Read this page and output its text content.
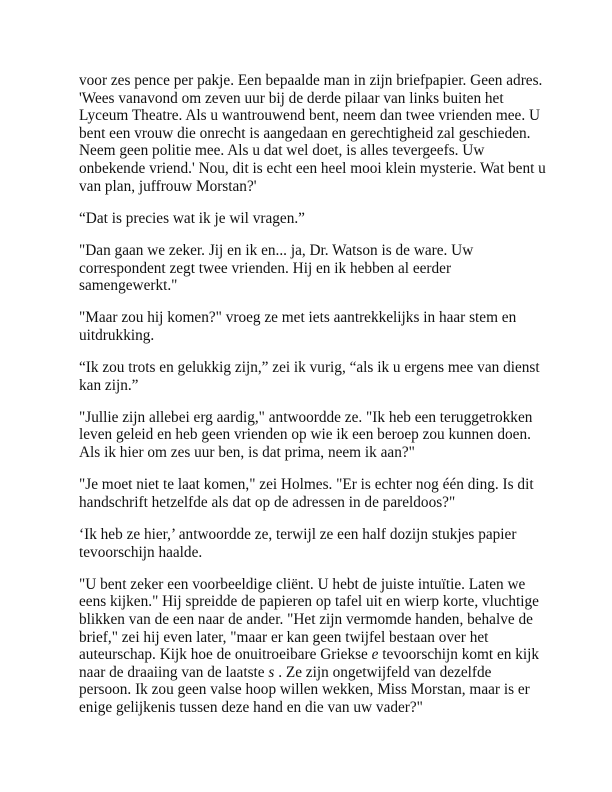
voor zes pence per pakje. Een bepaalde man in zijn briefpapier. Geen adres.
'Wees vanavond om zeven uur bij de derde pilaar van links buiten het
Lyceum Theatre. Als u wantrouwend bent, neem dan twee vrienden mee. U
bent een vrouw die onrecht is aangedaan en gerechtigheid zal geschieden.
Neem geen politie mee. Als u dat wel doet, is alles tevergeefs. Uw
onbekende vriend.' Nou, dit is echt een heel mooi klein mysterie. Wat bent u
van plan, juffrouw Morstan?'

“Dat is precies wat ik je wil vragen.”

"Dan gaan we zeker. Jij en ik en... ja, Dr. Watson is de ware. Uw
correspondent zegt twee vrienden. Hij en ik hebben al eerder
samengewerkt."

"Maar zou hij komen?" vroeg ze met iets aantrekkelijks in haar stem en
uitdrukking.

“Ik zou trots en gelukkig zijn,” zei ik vurig, “als ik u ergens mee van dienst
kan zijn.”

"Jullie zijn allebei erg aardig," antwoordde ze. "Ik heb een teruggetrokken
leven geleid en heb geen vrienden op wie ik een beroep zou kunnen doen.
Als ik hier om zes uur ben, is dat prima, neem ik aan?"

"Je moet niet te laat komen," zei Holmes. "Er is echter nog één ding. Is dit
handschrift hetzelfde als dat op de adressen in de pareldoos?"

‘Ik heb ze hier,’ antwoordde ze, terwijl ze een half dozijn stukjes papier
tevoorschijn haalde.

"U bent zeker een voorbeeldige cliënt. U hebt de juiste intuïtie. Laten we
eens kijken." Hij spreidde de papieren op tafel uit en wierp korte, vluchtige
blikken van de een naar de ander. "Het zijn vermomde handen, behalve de
brief," zei hij even later, "maar er kan geen twijfel bestaan over het
auteurschap. Kijk hoe de onuitroeibare Griekse e tevoorschijn komt en kijk
naar de draaiing van de laatste s . Ze zijn ongetwijfeld van dezelfde
persoon. Ik zou geen valse hoop willen wekken, Miss Morstan, maar is er
enige gelijkenis tussen deze hand en die van uw vader?"
